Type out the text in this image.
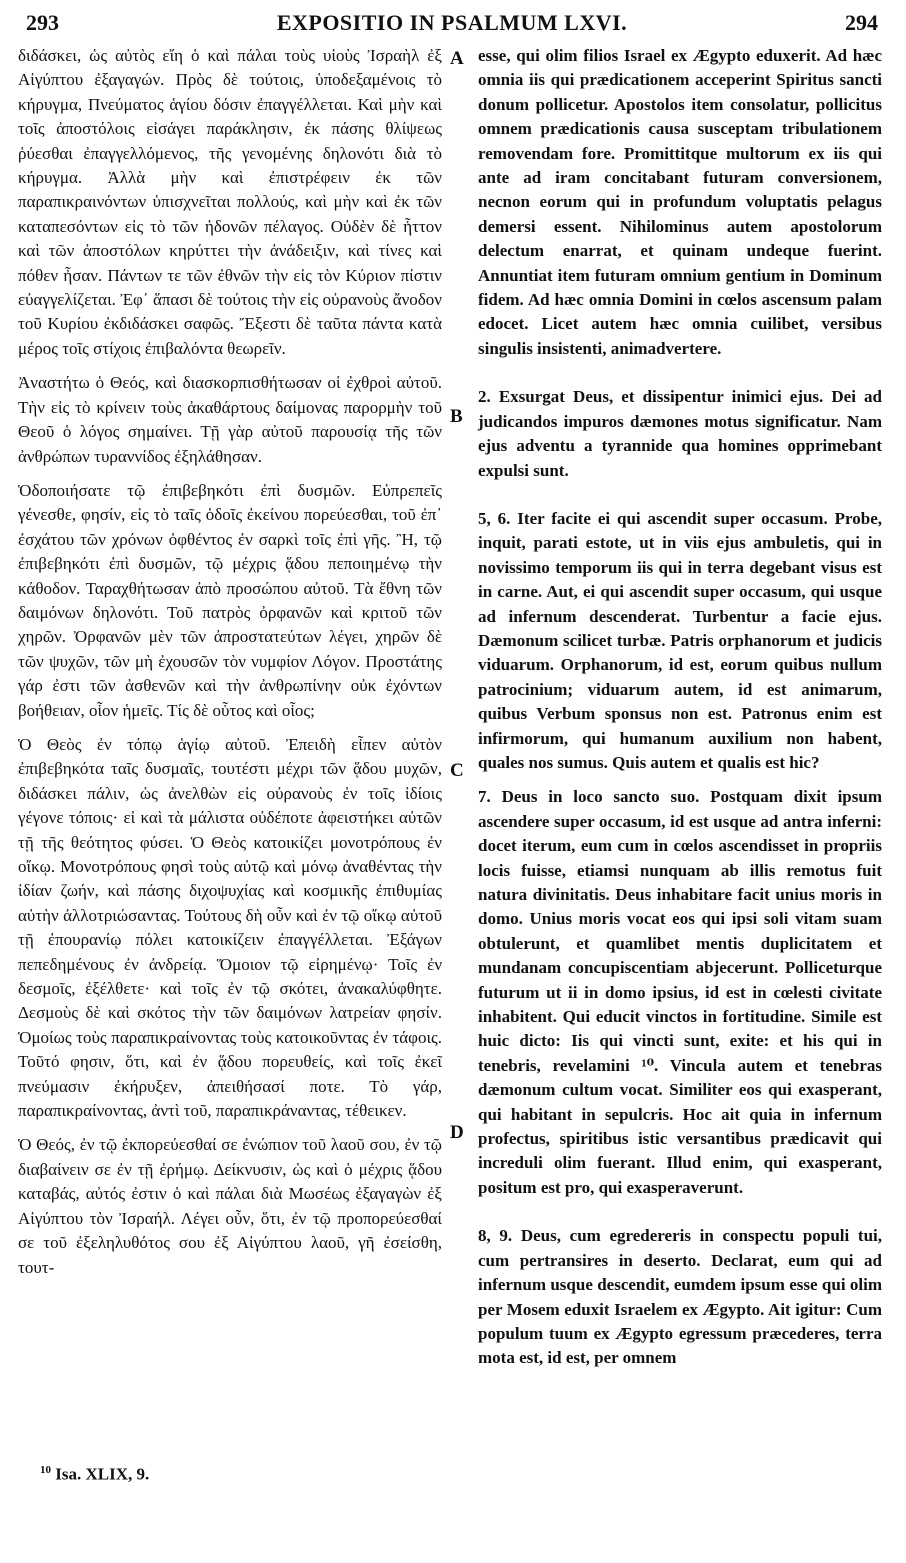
293	EXPOSITIO IN PSALMUM LXVI.	294

διδάσκει, ὡς αὐτὸς εἴη ὁ καὶ πάλαι τοὺς υἱοὺς Ἰσραὴλ ἐξ Αἰγύπτου ἐξαγαγών. Πρὸς δὲ τούτοις, ὑποδεξαμένοις τὸ κήρυγμα, Πνεύματος ἁγίου δόσιν ἐπαγγέλλεται. Καὶ μὴν καὶ τοῖς ἀποστόλοις εἰσάγει παράκλησιν, ἐκ πάσης θλίψεως ῥύεσθαι ἐπαγγελλόμενος, τῆς γενομένης δηλονότι διὰ τὸ κήρυγμα. Ἀλλὰ μὴν καὶ ἐπιστρέφειν ἐκ τῶν παραπικραινόντων ὑπισχνεῖται πολλούς, καὶ μὴν καὶ ἐκ τῶν καταπεσόντων εἰς τὸ τῶν ἡδονῶν πέλαγος. Οὐδὲν δὲ ἧττον καὶ τῶν ἀποστόλων κηρύττει τὴν ἀνάδειξιν, καὶ τίνες καὶ πόθεν ἦσαν. Πάντων τε τῶν ἐθνῶν τὴν εἰς τὸν Κύριον πίστιν εὐαγγελίζεται. Ἐφ᾽ ἅπασι δὲ τούτοις τὴν εἰς οὐρανοὺς ἄνοδον τοῦ Κυρίου ἐκδιδάσκει σαφῶς. Ἔξεστι δὲ ταῦτα πάντα κατὰ μέρος τοῖς στίχοις ἐπιβαλόντα θεωρεῖν.

Ἀναστήτω ὁ Θεός, καὶ διασκορπισθήτωσαν οἱ ἐχθροὶ αὐτοῦ. Τὴν εἰς τὸ κρίνειν τοὺς ἀκαθάρτους δαίμονας παρορμὴν τοῦ Θεοῦ ὁ λόγος σημαίνει. Τῇ γὰρ αὐτοῦ παρουσίᾳ τῆς τῶν ἀνθρώπων τυραννίδος ἐξηλάθησαν.

Ὁδοποιήσατε τῷ ἐπιβεβηκότι ἐπὶ δυσμῶν. Εὐπρεπεῖς γένεσθε, φησίν, εἰς τὸ ταῖς ὁδοῖς ἐκείνου πορεύεσθαι, τοῦ ἐπ᾽ ἐσχάτου τῶν χρόνων ὀφθέντος ἐν σαρκὶ τοῖς ἐπὶ γῆς. Ἢ, τῷ ἐπιβεβηκότι ἐπὶ δυσμῶν, τῷ μέχρις ᾅδου πεποιημένῳ τὴν κάθοδον. Ταραχθήτωσαν ἀπὸ προσώπου αὐτοῦ. Τὰ ἔθνη τῶν δαιμόνων δηλονότι. Τοῦ πατρὸς ὀρφανῶν καὶ κριτοῦ τῶν χηρῶν. Ὀρφανῶν μὲν τῶν ἀπροστατεύτων λέγει, χηρῶν δὲ τῶν ψυχῶν, τῶν μὴ ἐχουσῶν τὸν νυμφίον Λόγον. Προστάτης γάρ ἐστι τῶν ἀσθενῶν καὶ τὴν ἀνθρωπίνην οὐκ ἐχόντων βοήθειαν, οἷον ἡμεῖς. Τίς δὲ οὗτος καὶ οἷος;

Ὁ Θεὸς ἐν τόπῳ ἁγίῳ αὐτοῦ. Ἐπειδὴ εἶπεν αὐτὸν ἐπιβεβηκότα ταῖς δυσμαῖς, τουτέστι μέχρι τῶν ᾅδου μυχῶν, διδάσκει πάλιν, ὡς ἀνελθὼν εἰς οὐρανοὺς ἐν τοῖς ἰδίοις γέγονε τόποις· εἰ καὶ τὰ μάλιστα οὐδέποτε ἀφειστήκει αὐτῶν τῇ τῆς θεότητος φύσει. Ὁ Θεὸς κατοικίζει μονοτρόπους ἐν οἴκῳ. Μονοτρόπους φησὶ τοὺς αὐτῷ καὶ μόνῳ ἀναθέντας τὴν ἰδίαν ζωήν, καὶ πάσης διχοψυχίας καὶ κοσμικῆς ἐπιθυμίας αὐτὴν ἀλλοτριώσαντας. Τούτους δὴ οὖν καὶ ἐν τῷ οἴκῳ αὐτοῦ τῇ ἐπουρανίῳ πόλει κατοικίζειν ἐπαγγέλλεται. Ἐξάγων πεπεδημένους ἐν ἀνδρείᾳ. Ὅμοιον τῷ εἰρημένῳ· Τοῖς ἐν δεσμοῖς, ἐξέλθετε· καὶ τοῖς ἐν τῷ σκότει, ἀνακαλύφθητε. Δεσμοὺς δὲ καὶ σκότος τὴν τῶν δαιμόνων λατρείαν φησίν. Ὁμοίως τοὺς παραπικραίνοντας τοὺς κατοικοῦντας ἐν τάφοις. Τοῦτό φησιν, ὅτι, καὶ ἐν ᾅδου πορευθείς, καὶ τοῖς ἐκεῖ πνεύμασιν ἐκήρυξεν, ἀπειθήσασί ποτε. Τὸ γάρ, παραπικραίνοντας, ἀντὶ τοῦ, παραπικράναντας, τέθεικεν.

Ὁ Θεός, ἐν τῷ ἐκπορεύεσθαί σε ἐνώπιον τοῦ λαοῦ σου, ἐν τῷ διαβαίνειν σε ἐν τῇ ἐρήμῳ. Δείκνυσιν, ὡς καὶ ὁ μέχρις ᾅδου καταβάς, αὐτός ἐστιν ὁ καὶ πάλαι διὰ Μωσέως ἐξαγαγὼν ἐξ Αἰγύπτου τὸν Ἰσραήλ. Λέγει οὖν, ὅτι, ἐν τῷ προπορεύεσθαί σε τοῦ ἐξεληλυθότος σου ἐξ Αἰγύπτου λαοῦ, γῆ ἐσείσθη, τουτ-

A
B
C
D

esse, qui olim filios Israel ex Ægypto eduxerit. Ad hæc omnia iis qui prædicationem acceperint Spiritus sancti donum pollicetur. Apostolos item consolatur, pollicitus omnem prædicationis causa susceptam tribulationem removendam fore. Promittitque multorum ex iis qui ante ad iram concitabant futuram conversionem, necnon eorum qui in profundum voluptatis pelagus demersi essent. Nihilominus autem apostolorum delectum enarrat, et quinam undeque fuerint. Annuntiat item futuram omnium gentium in Dominum fidem. Ad hæc omnia Domini in cœlos ascensum palam edocet. Licet autem hæc omnia cuilibet, versibus singulis insistenti, animadvertere.

2. Exsurgat Deus, et dissipentur inimici ejus. Dei ad judicandos impuros dæmones motus significatur. Nam ejus adventu a tyrannide qua homines opprimebant expulsi sunt.

5, 6. Iter facite ei qui ascendit super occasum. Probe, inquit, parati estote, ut in viis ejus ambuletis, qui in novissimo temporum iis qui in terra degebant visus est in carne. Aut, ei qui ascendit super occasum, qui usque ad infernum descenderat. Turbentur a facie ejus. Dæmonum scilicet turbæ. Patris orphanorum et judicis viduarum. Orphanorum, id est, eorum quibus nullum patrocinium; viduarum autem, id est animarum, quibus Verbum sponsus non est. Patronus enim est infirmorum, qui humanum auxilium non habent, quales nos sumus. Quis autem et qualis est hic?

7. Deus in loco sancto suo. Postquam dixit ipsum ascendere super occasum, id est usque ad antra inferni: docet iterum, eum cum in cœlos ascendisset in propriis locis fuisse, etiamsi nunquam ab illis remotus fuit natura divinitatis. Deus inhabitare facit unius moris in domo. Unius moris vocat eos qui ipsi soli vitam suam obtulerunt, et quamlibet mentis duplicitatem et mundanam concupiscentiam abjecerunt. Polliceturque futurum ut ii in domo ipsius, id est in cœlesti civitate inhabitent. Qui educit vinctos in fortitudine. Simile est huic dicto: Iis qui vincti sunt, exite: et his qui in tenebris, revelamini ¹⁰. Vincula autem et tenebras dæmonum cultum vocat. Similiter eos qui exasperant, qui habitant in sepulcris. Hoc ait quia in infernum profectus, spiritibus istic versantibus prædicavit qui increduli olim fuerant. Illud enim, qui exasperant, positum est pro, qui exasperaverunt.

8, 9. Deus, cum egredereris in conspectu populi tui, cum pertransires in deserto. Declarat, eum qui ad infernum usque descendit, eumdem ipsum esse qui olim per Mosem eduxit Israelem ex Ægypto. Ait igitur: Cum populum tuum ex Ægypto egressum præcederes, terra mota est, id est, per omnem

$^{10}$ Isa. XLIX, 9.
